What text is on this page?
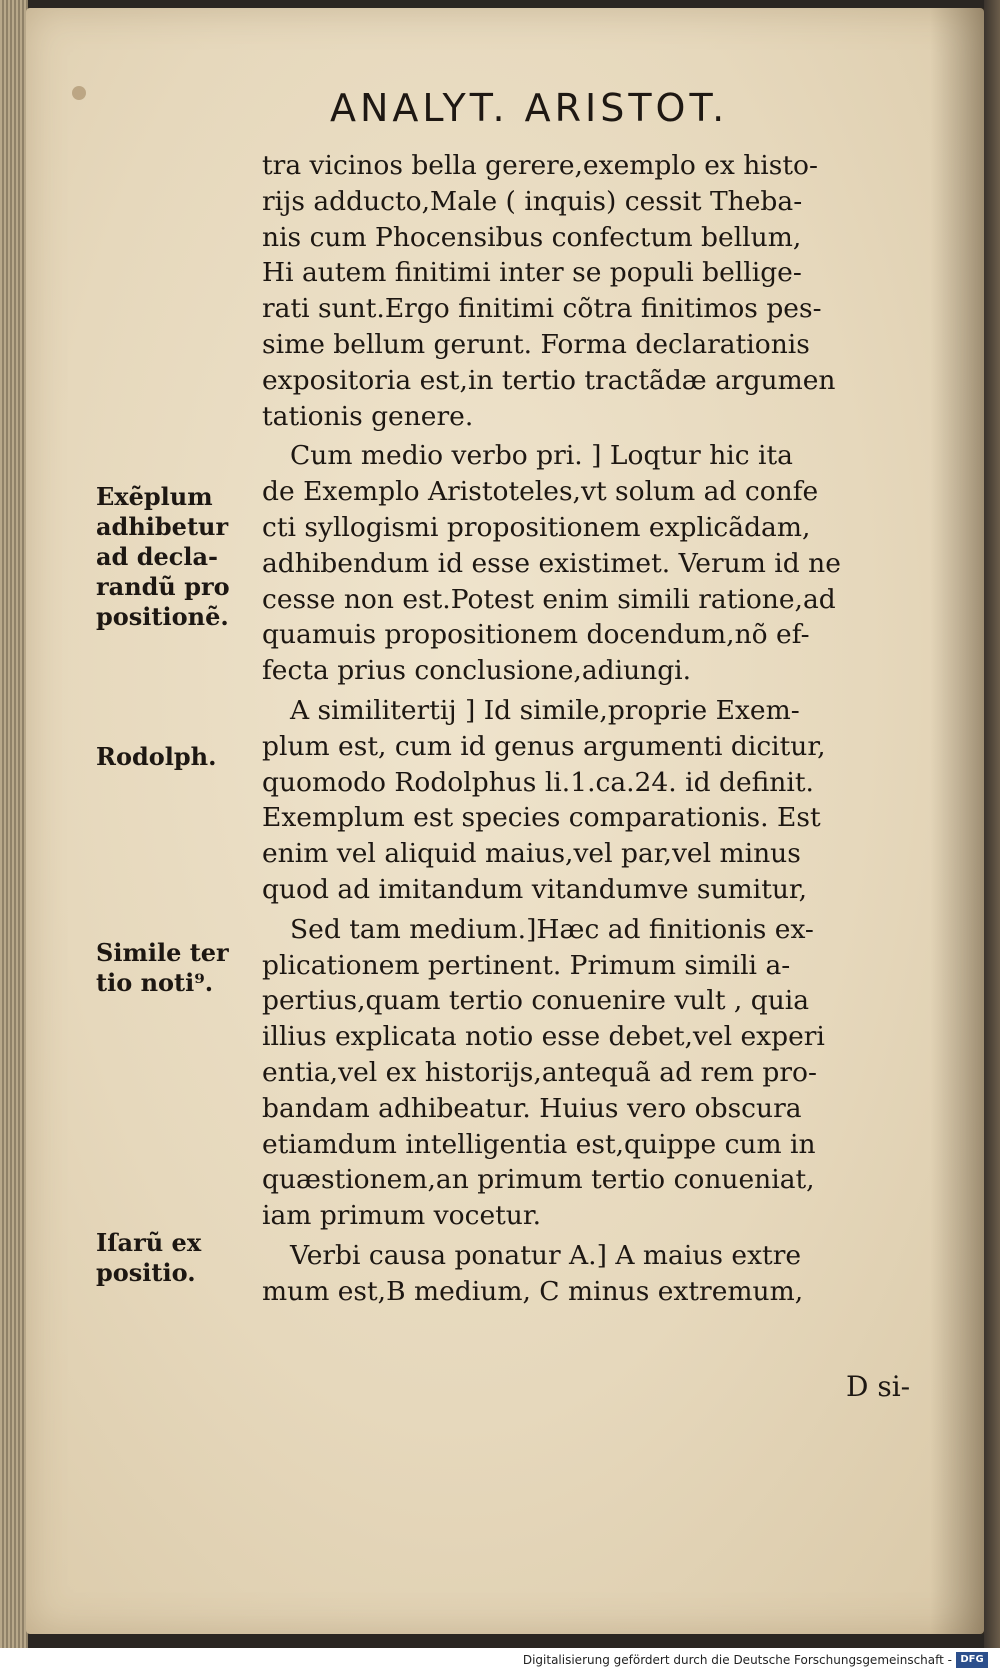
ANALYT. ARISTOT.
tra vicinos bella gerere,exemplo ex histo-
rijs adducto,Male ( inquis) cessit Theba-
nis cum Phocensibus confectum bellum,
Hi autem finitimi inter se populi bellige-
rati sunt.Ergo finitimi cõtra finitimos pes-
sime bellum gerunt. Forma declarationis
expositoria est,in tertio tractãdæ argumen
tationis genere.
Cum medio verbo pri. ] Loqtur hic ita
de Exemplo Aristoteles,vt solum ad confe
cti syllogismi propositionem explicãdam,
adhibendum id esse existimet. Verum id ne
cesse non est.Potest enim simili ratione,ad
quamuis propositionem docendum,nõ ef-
fecta prius conclusione,adiungi.
A similitertij ] Id simile,proprie Exem-
plum est, cum id genus argumenti dicitur,
quomodo Rodolphus li.1.ca.24. id definit.
Exemplum est species comparationis. Est
enim vel aliquid maius,vel par,vel minus
quod ad imitandum vitandumve sumitur,
Sed tam medium.]Hæc ad finitionis ex-
plicationem pertinent. Primum simili a-
pertius,quam tertio conuenire vult , quia
illius explicata notio esse debet,vel experi
entia,vel ex historijs,antequã ad rem pro-
bandam adhibeatur. Huius vero obscura
etiamdum intelligentia est,quippe cum in
quæstionem,an primum tertio conueniat,
iam primum vocetur.
Verbi causa ponatur A.] A maius extre
mum est,B medium, C minus extremum,
Exẽplum
adhibetur
ad decla-
randũ pro
positionẽ.
Rodolph.
Simile ter
tio noti⁹.
Iſarũ ex
positio.
D si-
Digitalisierung gefördert durch die Deutsche Forschungsgemeinschaft - DFG
